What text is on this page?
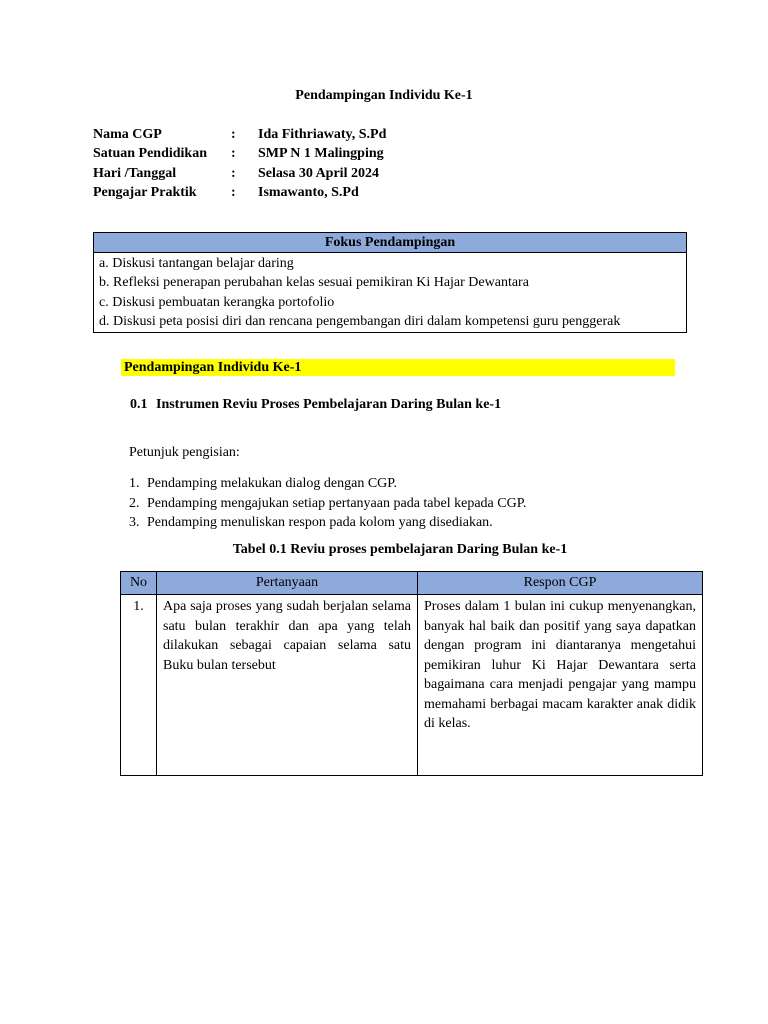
Pendampingan Individu Ke-1
Nama CGP	:	Ida Fithriawaty, S.Pd
Satuan Pendidikan	:	SMP N 1 Malingping
Hari /Tanggal	:	Selasa 30 April 2024
Pengajar Praktik	:	Ismawanto, S.Pd
Fokus Pendampingan

a. Diskusi tantangan belajar daring
b. Refleksi penerapan perubahan kelas sesuai pemikiran Ki Hajar Dewantara
c. Diskusi pembuatan kerangka portofolio
d. Diskusi peta posisi diri dan rencana pengembangan diri dalam kompetensi guru penggerak
Pendampingan Individu Ke-1
0.1 Instrumen Reviu Proses Pembelajaran Daring Bulan ke-1
Petunjuk pengisian:
1. Pendamping melakukan dialog dengan CGP.
2. Pendamping mengajukan setiap pertanyaan pada tabel kepada CGP.
3. Pendamping menuliskan respon pada kolom yang disediakan.
Tabel 0.1 Reviu proses pembelajaran Daring Bulan ke-1
No	Pertanyaan	Respon CGP
1.	Apa saja proses yang sudah berjalan selama satu bulan terakhir dan apa yang telah dilakukan sebagai capaian selama satu Buku bulan tersebut	Proses dalam 1 bulan ini cukup menyenangkan, banyak hal baik dan positif yang saya dapatkan dengan program ini diantaranya mengetahui pemikiran luhur Ki Hajar Dewantara serta bagaimana cara menjadi pengajar yang mampu memahami berbagai macam karakter anak didik di kelas.
